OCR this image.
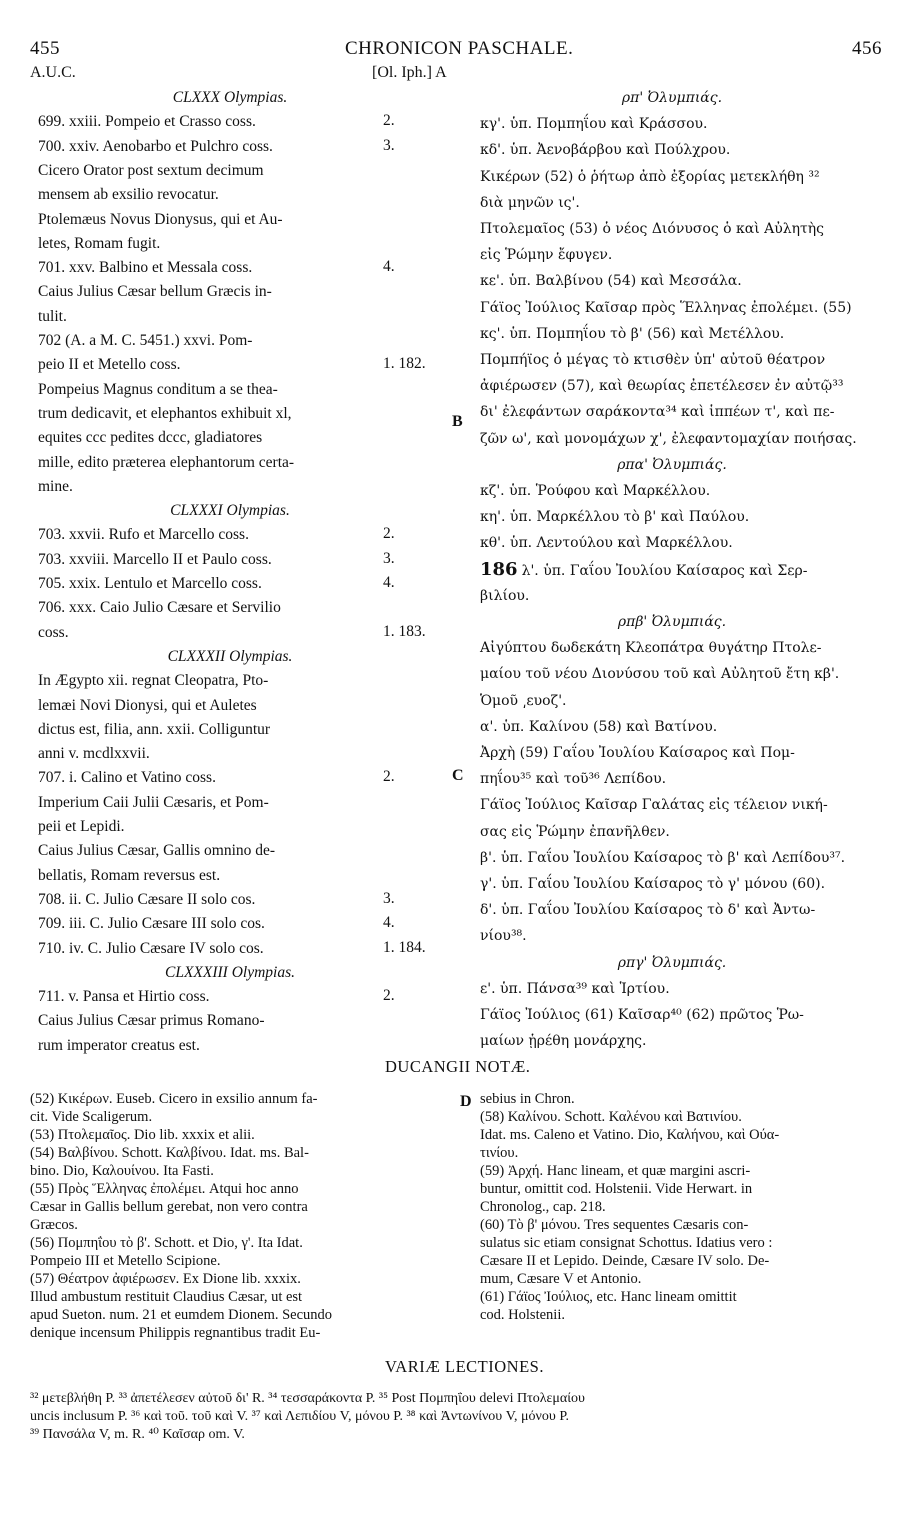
455	CHRONICON PASCHALE.	456
A.U.C.	[Ol. Iph.] A
CLXXX Olympias.
699. xxiii. Pompeio et Crasso coss.	2.
700. xxiv. Aenobarbo et Pulchro coss.	3.
Cicero Orator post sextum decimum
mensem ab exsilio revocatur.
Ptolemæus Novus Dionysus, qui et Au-
letes, Romam fugit.
701. xxv. Balbino et Messala coss.	4.
Caius Julius Cæsar bellum Græcis in-
tulit.
702 (A. a M. C. 5451.) xxvi. Pom-
peio II et Metello coss.	1. 182.
Pompeius Magnus conditum a se thea-
trum dedicavit, et elephantos exhibuit xl,
equites ccc pedites dccc, gladiatores
mille, edito præterea elephantorum certa-
mine.
CLXXXI Olympias.
703. xxvii. Rufo et Marcello coss.	2.
703. xxviii. Marcello II et Paulo coss.	3.
705. xxix. Lentulo et Marcello coss.	4.
706. xxx. Caio Julio Cæsare et Servilio
coss.	1. 183.
CLXXXII Olympias.
In Ægypto xii. regnat Cleopatra, Pto-
lemæi Novi Dionysi, qui et Auletes
dictus est, filia, ann. xxii. Colliguntur
anni v. mcdlxxvii.
707. i. Calino et Vatino coss.	2.
Imperium Caii Julii Cæsaris, et Pom-
peii et Lepidi.
Caius Julius Cæsar, Gallis omnino de-
bellatis, Romam reversus est.
708. ii. C. Julio Cæsare II solo cos.	3.
709. iii. C. Julio Cæsare III solo cos.	4.
710. iv. C. Julio Cæsare IV solo cos.	1. 184.
CLXXXIII Olympias.
711. v. Pansa et Hirtio coss.	2.
Caius Julius Cæsar primus Romano-
rum imperator creatus est.
ρπ' Ὀλυμπιάς.
κγ'. ὑπ. Πομπηΐου καὶ Κράσσου.
κδ'. ὑπ. Ἀενοβάρβου καὶ Πούλχρου.
Κικέρων (52) ὁ ῥήτωρ ἀπὸ ἐξορίας μετεκλήθη ³²
διὰ μηνῶν ις'.
Πτολεμαῖος (53) ὁ νέος Διόνυσος ὁ καὶ Αὐλητὴς
εἰς Ῥώμην ἔφυγεν.
κε'. ὑπ. Βαλβίνου (54) καὶ Μεσσάλα.
Γάϊος Ἰούλιος Καῖσαρ πρὸς Ἕλληνας ἐπολέμει. (55)
κς'. ὑπ. Πομπηΐου τὸ β' (56) καὶ Μετέλλου.
Πομπήϊος ὁ μέγας τὸ κτισθὲν ὑπ' αὐτοῦ θέατρον
ἀφιέρωσεν (57), καὶ θεωρίας ἐπετέλεσεν ἐν αὐτῷ³³
δι' ἐλεφάντων σαράκοντα³⁴ καὶ ἱππέων τ', καὶ πε-
ζῶν ω', καὶ μονομάχων χ', ἐλεφαντομαχίαν ποιήσας.
ρπα' Ὀλυμπιάς.
κζ'. ὑπ. Ῥούφου καὶ Μαρκέλλου.
κη'. ὑπ. Μαρκέλλου τὸ β' καὶ Παύλου.
κθ'. ὑπ. Λεντούλου καὶ Μαρκέλλου.
186 λ'. ὑπ. Γαΐου Ἰουλίου Καίσαρος καὶ Σερ-
βιλίου.
ρπβ' Ὀλυμπιάς.
Αἰγύπτου δωδεκάτη Κλεοπάτρα θυγάτηρ Πτολε-
μαίου τοῦ νέου Διονύσου τοῦ καὶ Αὐλητοῦ ἔτη κβ'.
Ὁμοῦ ͵ευοζ'.
α'. ὑπ. Καλίνου (58) καὶ Βατίνου.
Ἀρχὴ (59) Γαΐου Ἰουλίου Καίσαρος καὶ Πομ-
πηΐου³⁵ καὶ τοῦ³⁶ Λεπίδου.
Γάϊος Ἰούλιος Καῖσαρ Γαλάτας εἰς τέλειον νική-
σας εἰς Ῥώμην ἐπανῆλθεν.
β'. ὑπ. Γαΐου Ἰουλίου Καίσαρος τὸ β' καὶ Λεπίδου³⁷.
γ'. ὑπ. Γαΐου Ἰουλίου Καίσαρος τὸ γ' μόνου (60).
δ'. ὑπ. Γαΐου Ἰουλίου Καίσαρος τὸ δ' καὶ Ἀντω-
νίου³⁸.
ρπγ' Ὀλυμπιάς.
ε'. ὑπ. Πάνσα³⁹ καὶ Ἱρτίου.
Γάϊος Ἰούλιος (61) Καῖσαρ⁴⁰ (62) πρῶτος Ῥω-
μαίων ᾑρέθη μονάρχης.
B
C
D
DUCANGII NOTÆ.
(52) Κικέρων. Euseb. Cicero in exsilio annum fa-
cit. Vide Scaligerum.
(53) Πτολεμαῖος. Dio lib. xxxix et alii.
(54) Βαλβίνου. Schott. Καλβίνου. Idat. ms. Bal-
bino. Dio, Καλουίνου. Ita Fasti.
(55) Πρὸς Ἕλληνας ἐπολέμει. Atqui hoc anno
Cæsar in Gallis bellum gerebat, non vero contra
Græcos.
(56) Πομπηΐου τὸ β'. Schott. et Dio, γ'. Ita Idat.
Pompeio III et Metello Scipione.
(57) Θέατρον ἀφιέρωσεν. Ex Dione lib. xxxix.
Illud ambustum restituit Claudius Cæsar, ut est
apud Sueton. num. 21 et eumdem Dionem. Secundo
denique incensum Philippis regnantibus tradit Eu-
sebius in Chron.
(58) Καλίνου. Schott. Καλένου καὶ Βατινίου.
Idat. ms. Caleno et Vatino. Dio, Καλήνου, καὶ Ούα-
τινίου.
(59) Ἀρχή. Hanc lineam, et quæ margini ascri-
buntur, omittit cod. Holstenii. Vide Herwart. in
Chronolog., cap. 218.
(60) Τὸ β' μόνου. Tres sequentes Cæsaris con-
sulatus sic etiam consignat Schottus. Idatius vero :
Cæsare II et Lepido. Deinde, Cæsare IV solo. De-
mum, Cæsare V et Antonio.
(61) Γάϊος Ἰούλιος, etc. Hanc lineam omittit
cod. Holstenii.
VARIÆ LECTIONES.
³² μετεβλήθη P. ³³ ἀπετέλεσεν αὐτοῦ δι' R. ³⁴ τεσσαράκοντα P. ³⁵ Post Πομπηΐου delevi Πτολεμαίου
uncis inclusum P. ³⁶ καὶ τοῦ. τοῦ καὶ V. ³⁷ καὶ Λεπιδίου V, μόνου P. ³⁸ καὶ Ἀντωνίνου V, μόνου P.
³⁹ Πανσάλα V, m. R. ⁴⁰ Καῖσαρ om. V.
